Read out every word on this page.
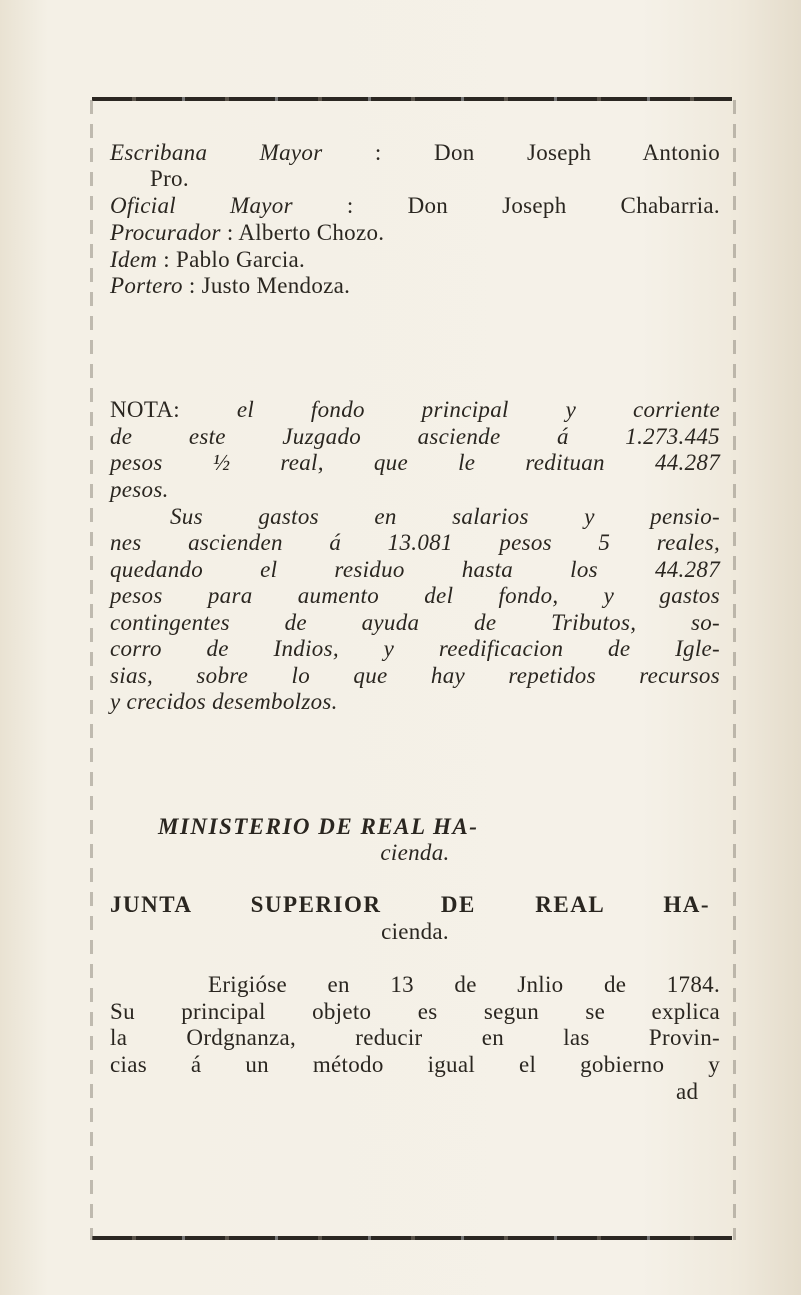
Escribana Mayor : Don Joseph Antonio
Pro.
Oficial Mayor : Don Joseph Chabarria.
Procurador : Alberto Chozo.
Idem : Pablo Garcia.
Portero : Justo Mendoza.
NOTA: el fondo principal y corriente
de este Juzgado asciende á 1.273.445
pesos ½ real, que le redituan 44.287
pesos.
Sus gastos en salarios y pensio-
nes ascienden á 13.081 pesos 5 reales,
quedando el residuo hasta los 44.287
pesos para aumento del fondo, y gastos
contingentes de ayuda de Tributos, so-
corro de Indios, y reedificacion de Igle-
sias, sobre lo que hay repetidos recursos
y crecidos desembolzos.
MINISTERIO DE REAL HA-
cienda.
JUNTA SUPERIOR DE REAL HA-
cienda.
Erigióse en 13 de Jnlio de 1784.
Su principal objeto es segun se explica
la Ordgnanza, reducir en las Provin-
cias á un método igual el gobierno y
ad
